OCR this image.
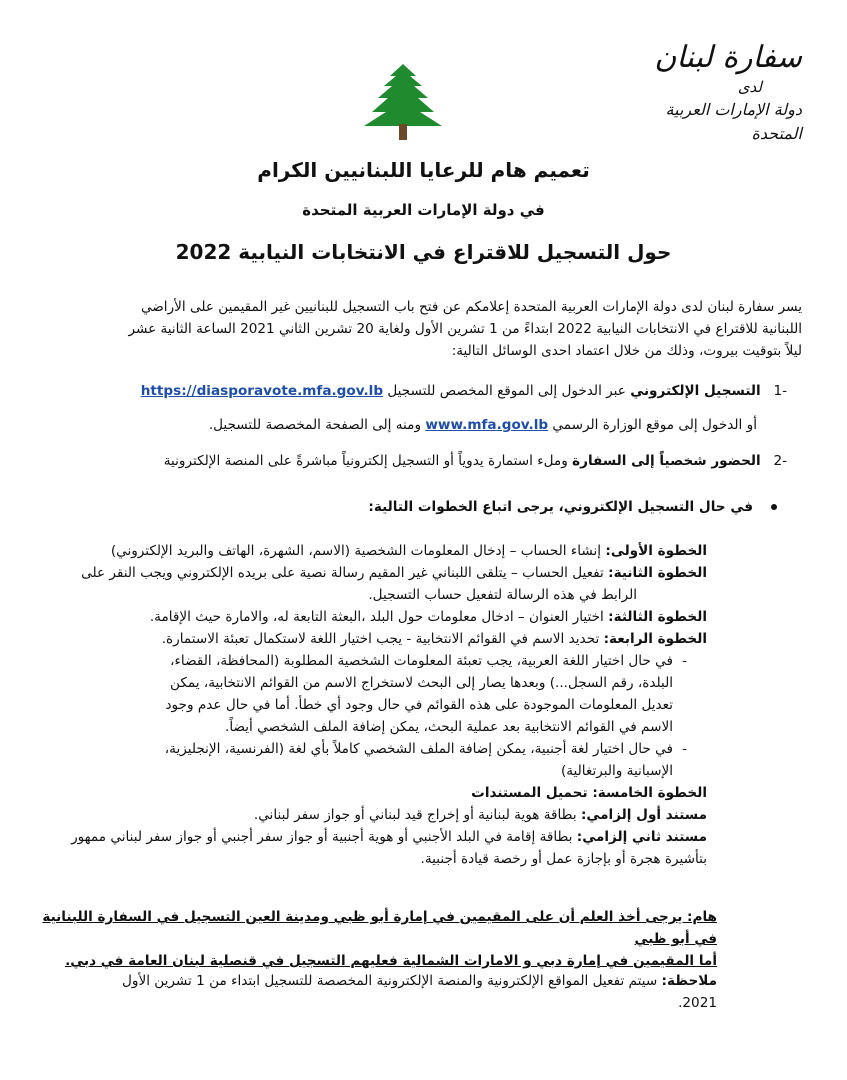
سفارة لبنان
لدى
دولة الإمارات العربية المتحدة
تعميم هام للرعايا اللبنانيين الكرام
في دولة الإمارات العربية المتحدة
حول التسجيل للاقتراع في الانتخابات النيابية 2022
يسر سفارة لبنان لدى دولة الإمارات العربية المتحدة إعلامكم عن فتح باب التسجيل للبنانيين غير المقيمين على الأراضي
اللبنانية للاقتراع في الانتخابات النيابية 2022 ابتداءً من 1 تشرين الأول ولغاية 20 تشرين الثاني 2021 الساعة الثانية عشر
ليلاً بتوقيت بيروت، وذلك من خلال اعتماد احدى الوسائل التالية:
-1 التسجيل الإلكتروني عبر الدخول إلى الموقع المخصص للتسجيل https://diasporavote.mfa.gov.lb
أو الدخول إلى موقع الوزارة الرسمي www.mfa.gov.lb ومنه إلى الصفحة المخصصة للتسجيل.
-2 الحضور شخصياً إلى السفارة وملء استمارة يدوياً أو التسجيل إلكترونياً مباشرةً على المنصة الإلكترونية
في حال التسجيل الإلكتروني، يرجى اتباع الخطوات التالية:
الخطوة الأولى: إنشاء الحساب – إدخال المعلومات الشخصية (الاسم، الشهرة، الهاتف والبريد الإلكتروني)
الخطوة الثانية: تفعيل الحساب – يتلقى اللبناني غير المقيم رسالة نصية على بريده الإلكتروني ويجب النقر على
الرابط في هذه الرسالة لتفعيل حساب التسجيل.
الخطوة الثالثة: اختيار العنوان – ادخال معلومات حول البلد ،البعثة التابعة له، والامارة حيث الإقامة.
الخطوة الرابعة: تحديد الاسم في القوائم الانتخابية - يجب اختيار اللغة لاستكمال تعبئة الاستمارة.
-في حال اختيار اللغة العربية، يجب تعبئة المعلومات الشخصية المطلوبة (المحافظة، القضاء،
البلدة، رقم السجل...) وبعدها يصار إلى البحث لاستخراج الاسم من القوائم الانتخابية، يمكن
تعديل المعلومات الموجودة على هذه القوائم في حال وجود أي خطأ. أما في حال عدم وجود
الاسم في القوائم الانتخابية بعد عملية البحث، يمكن إضافة الملف الشخصي أيضاً.
-في حال اختيار لغة أجنبية، يمكن إضافة الملف الشخصي كاملاً بأي لغة (الفرنسية، الإنجليزية،
الإسبانية والبرتغالية)
الخطوة الخامسة: تحميل المستندات
مستند أول إلزامي: بطاقة هوية لبنانية أو إخراج قيد لبناني أو جواز سفر لبناني.
مستند ثاني إلزامي: بطاقة إقامة في البلد الأجنبي أو هوية أجنبية أو جواز سفر أجنبي أو جواز سفر لبناني ممهور
بتأشيرة هجرة أو بإجازة عمل أو رخصة قيادة أجنبية.
هام: يرجى أخذ العلم أن على المقيمين في إمارة أبو ظبي ومدينة العين التسجيل في السفارة اللبنانية في أبو ظبي
أما المقيمين في إمارة دبي و الامارات الشمالية فعليهم التسجيل في قنصلية لبنان العامة في دبي.
ملاحظة: سيتم تفعيل المواقع الإلكترونية والمنصة الإلكترونية المخصصة للتسجيل ابتداء من 1 تشرين الأول
2021.
